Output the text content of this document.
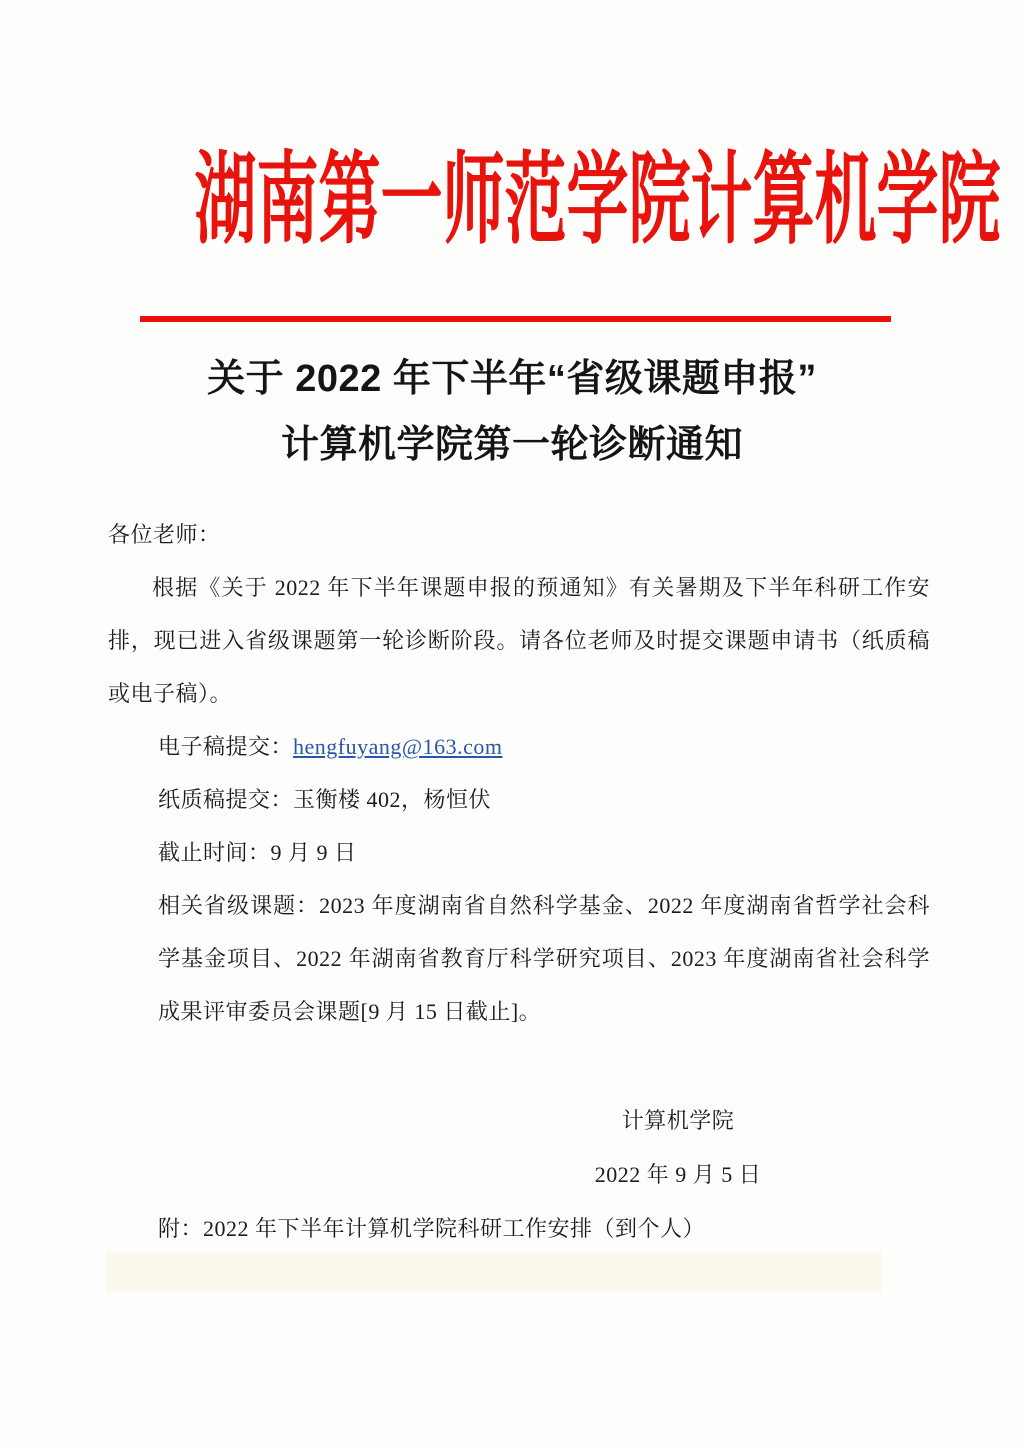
湖南第一师范学院计算机学院
关于 2022 年下半年“省级课题申报”
计算机学院第一轮诊断通知

各位老师：

根据《关于 2022 年下半年课题申报的预通知》有关暑期及下半年科研工作安排，现已进入省级课题第一轮诊断阶段。请各位老师及时提交课题申请书（纸质稿或电子稿）。

电子稿提交：hengfuyang@163.com

纸质稿提交：玉衡楼 402，杨恒伏

截止时间：9 月 9 日

相关省级课题：2023 年度湖南省自然科学基金、2022 年度湖南省哲学社会科学基金项目、2022 年湖南省教育厅科学研究项目、2023 年度湖南省社会科学成果评审委员会课题[9 月 15 日截止]。

计算机学院
2022 年 9 月 5 日

附：2022 年下半年计算机学院科研工作安排（到个人）
